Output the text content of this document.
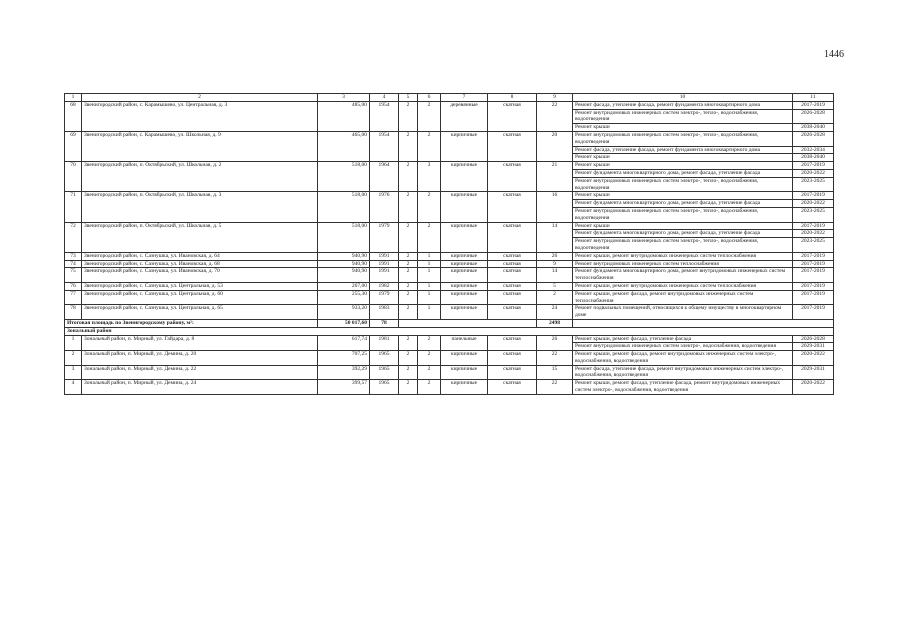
1446
1	2	3	4	5	6	7	8	9	10	11
68	Звенигородский район, с. Карамышево, ул. Центральная, д. 3	485,00	1954	2	2	деревянные	скатная	22	Ремонт фасада, утепление фасада, ремонт фундамента многоквартирного дома	2017-2019
									Ремонт внутридомовых инженерных систем электро-, тепло-, водоснабжения, водоотведения	2026-2028
									Ремонт крыши	2038-2040
69	Звенигородский район, с. Карамышево, ул. Школьная, д. 9	465,00	1954	2	2	кирпичные	скатная	20	Ремонт внутридомовых инженерных систем электро-, тепло-, водоснабжения, водоотведения	2026-2028
									Ремонт фасада, утепление фасада, ремонт фундамента многоквартирного дома	2032-2034
									Ремонт крыши	2038-2040
70	Звенигородский район, п. Октябрьский, ул. Школьная, д. 2	518,00	1964	2	3	кирпичные	скатная	21	Ремонт крыши	2017-2019
									Ремонт фундамента многоквартирного дома, ремонт фасада, утепление фасада	2020-2022
									Ремонт внутридомовых инженерных систем электро-, тепло-, водоснабжения, водоотведения	2023-2025
71	Звенигородский район, п. Октябрьский, ул. Школьная, д. 3	518,00	1976	2	2	кирпичные	скатная	16	Ремонт крыши	2017-2019
									Ремонт фундамента многоквартирного дома, ремонт фасада, утепление фасада	2020-2022
									Ремонт внутридомовых инженерных систем электро-, тепло-, водоснабжения, водоотведения	2023-2025
72	Звенигородский район, п. Октябрьский, ул. Школьная, д. 5	518,00	1979	2	2	кирпичные	скатная	14	Ремонт крыши	2017-2019
									Ремонт фундамента многоквартирного дома, ремонт фасада, утепление фасада	2020-2022
									Ремонт внутридомовых инженерных систем электро-, тепло-, водоснабжения, водоотведения	2023-2025
73	Звенигородский район, с. Сазнушка, ул. Ивановская, д. 64	940,90	1991	2	1	кирпичные	скатная	26	Ремонт крыши, ремонт внутридомовых инженерных систем теплоснабжения	2017-2019
74	Звенигородский район, с. Сазнушка, ул. Ивановская, д. 68	940,90	1991	2	1	кирпичные	скатная	9	Ремонт внутридомовых инженерных систем теплоснабжения	2017-2019
75	Звенигородский район, с. Сазнушка, ул. Ивановская, д. 70	940,90	1991	2	1	кирпичные	скатная	14	Ремонт фундамента многоквартирного дома, ремонт внутридомовых инженерных систем теплоснабжения	2017-2019
76	Звенигородский район, с. Сазнушка, ул. Центральная, д. 53	267,00	1982	2	1	кирпичные	скатная	5	Ремонт крыши, ремонт внутридомовых инженерных систем теплоснабжения	2017-2019
77	Звенигородский район, с. Сазнушка, ул. Центральная, д. 60	255,30	1979	2	1	кирпичные	скатная	2	Ремонт крыши, ремонт фасада, ремонт внутридомовых инженерных систем теплоснабжения	2017-2019
78	Звенигородский район, с. Сазнушка, ул. Центральная, д. 65	933,20	1983	2	1	кирпичные	скатная	24	Ремонт подвальных помещений, относящихся к общему имуществу в многоквартирном доме	2017-2019
Итоговая площадь по Звенигородскому району, м²:		50 017,60	78					2498		
Зональный район										
1	Зональный район, п. Мирный, ул. Гайдара, д. 8	617,74	1981	2	2	панельные	скатная	26	Ремонт крыши, ремонт фасада, утепление фасада	2026-2028
									Ремонт внутридомовых инженерных систем электро-, водоснабжения, водоотведения	2029-2031
2	Зональный район, п. Мирный, ул. Демина, д. 20	707,25	1965	2	2	кирпичные	скатная	22	Ремонт крыши, ремонт фасада, ремонт внутридомовых инженерных систем электро-, водоснабжения, водоотведения	2020-2022
3	Зональный район, п. Мирный, ул. Демина, д. 22	392,29	1965	2	2	кирпичные	скатная	15	Ремонт фасада, утепление фасада, ремонт внутридомовых инженерных систем электро-, водоснабжения, водоотведения	2029-2031
4	Зональный район, п. Мирный, ул. Демина, д. 24	399,57	1965	2	2	кирпичные	скатная	22	Ремонт крыши, ремонт фасада, утепление фасада, ремонт внутридомовых инженерных систем электро-, водоснабжения, водоотведения	2020-2022
